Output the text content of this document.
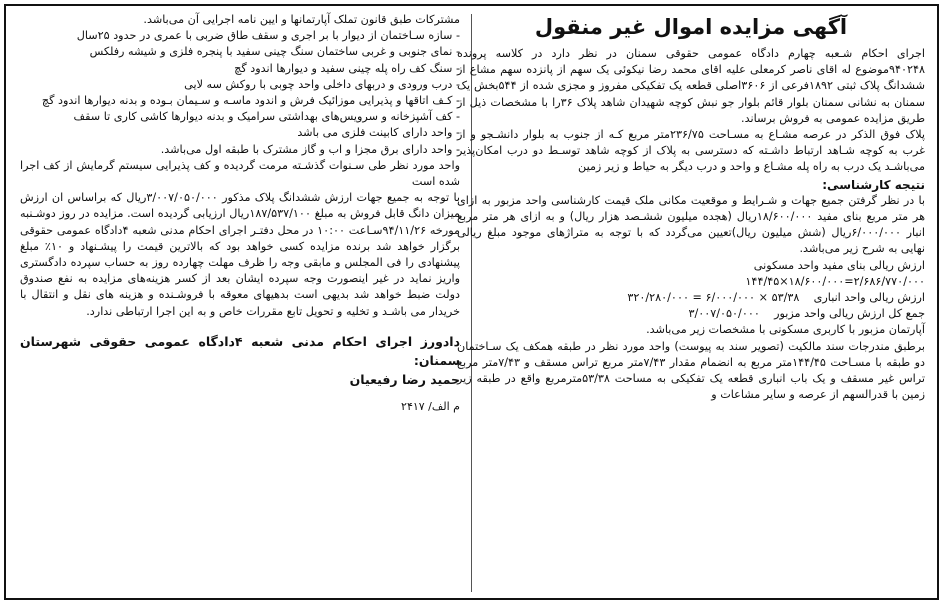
آگهی مزایده اموال غیر منقول

اجرای احکام شـعبه چهارم دادگاه عمومی حقوقی سمنان در نظر دارد در کلاسه پرونده ۹۴۰۲۴۸موضوع له اقای ناصر کرمعلی علیه اقای محمد رضا نیکوئی یک سهم از پانزده سهم مشاع از ششدانگ پلاک ثبتی ۱۸۹۲فرعی از ۳۶۰۶اصلی قطعه یک تفکیکی مفروز و مجزی شده از ۵۴۴بخش یک سمنان به نشانی سمنان بلوار قائم بلوار جو نبش کوچه شهیدان شاهد پلاک ۳۶را با مشخصات ذیل از طریق مزایده عمومی به فروش برساند.

پلاک فوق الذکر در عرصه مشـاع به مسـاحت ۲۳۶/۷۵متر مربع کـه از جنوب به بلوار دانشـجو و از غرب به کوچه شـاهد ارتباط داشـته که دسترسی به پلاک از کوچه شاهد توسـط دو درب امکان‌پذیر می‌باشـد یک درب به راه پله مشـاع و واحد و درب دیگر به حیاط و زیر زمین

نتیجه کارشناسی:

با در نظر گرفتن جمیع جهات و شـرایط و موقعیت مکانی ملک قیمت کارشناسی واحد مزبور به ازای هر متر مربع بنای مفید ۱۸/۶۰۰/۰۰۰ریال (هجده میلیون ششـصد هزار ریال) و به ازای هر متر مربع انبار ۶/۰۰۰/۰۰۰ریال (شش میلیون ریال)تعیین می‌گردد که با توجه به متراژهای موجود مبلغ ریالی نهایی به شرح زیر می‌باشد.

ارزش ریالی بنای مفید واحد مسکونی

۱۴۴/۴۵×۱۸/۶۰۰/۰۰۰=۲/۶۸۶/۷۷۰/۰۰۰

ارزش ریالی واحد انباری    ۵۳/۳۸ × ۶/۰۰۰/۰۰۰ = ۳۲۰/۲۸۰/۰۰۰

جمع کل ارزش ریالی واحد مزبور    ۳/۰۰۷/۰۵۰/۰۰۰

آپارتمان مزبور با کاربری مسکونی با مشخصات زیر می‌باشد.

برطبق مندرجات سند مالکیت (تصویر سند به پیوست) واحد مورد نظر در طبقه همکف یک سـاختمان دو طبقه با مسـاحت ۱۴۴/۴۵متر مربع به انضمام مقدار ۷/۴۳متر مربع تراس مسقف و ۷/۴۳متر مربع تراس غیر مسقف و یک باب انباری قطعه یک تفکیکی به مساحت ۵۳/۳۸مترمربع واقع در طبقه زیر زمین با قدرالسهم از عرصه و سایر مشاعات و

مشترکات طبق قانون تملک آپارتمانها و ایین نامه اجرایی آن می‌باشد.

- سازه سـاختمان از دیوار با بر اجری و سقف طاق ضربی با عمری در حدود ۲۵سال

- نمای جنوبی و غربی ساختمان سنگ چینی سفید با پنجره فلزی و شیشه رفلکس

- سنگ کف راه پله چینی سفید و دیوارها اندود گچ

- درب ورودی و دربهای داخلی واحد چوبی با روکش سه لایی

- کـف اتاقها و پذیرایی موزائیک فرش و اندود ماسـه و سـیمان بـوده و بدنه دیوارها اندود گچ

- کف آشپزخانه و سرویس‌های بهداشتی سرامیک و بدنه دیوارها کاشی کاری تا سقف

- واحد دارای کابینت فلزی می باشد

- واحد دارای برق مجزا و اب و گاز مشترک با طبقه اول می‌باشد.

واحد مورد نظر طی سـنوات گذشـته مرمت گردیده و کف پذیرایی سیستم گرمایش از کف اجرا شده است

با توجه به جمیع جهات ارزش ششدانگ پلاک مذکور ۳/۰۰۷/۰۵۰/۰۰۰ریال که براساس ان ارزش میزان دانگ قابل فروش به مبلغ ۱۸۷/۵۳۷/۱۰۰ریال ارزیابی گردیده است. مزایده در روز دوشـنبه مورخه ۹۴/۱۱/۲۶سـاعت ۱۰:۰۰ در محل دفتـر اجرای احکام مدنی شعبه ۴دادگاه عمومی حقوقی برگزار خواهد شد برنده مزایده کسی خواهد بود که بالاترین قیمت را پیشـنهاد و ۱۰٪ مبلغ پیشنهادی را فی المجلس و مابقی وجه را ظرف مهلت چهارده روز به حساب سپرده دادگستری واریز نماید در غیر اینصورت وجه سپرده ایشان بعد از کسر هزینه‌های مزایده به نفع صندوق دولت ضبط خواهد شد بدیهی است بدهیهای معوقه با فروشـنده و هزینه های نقل و انتقال با خریدار می باشـد و تخلیه و تحویل تابع مقررات خاص و به این اجرا ارتباطی ندارد.

دادورز اجرای احکام مدنی شعبه ۴دادگاه عمومی حقوقی شهرستان سمنان:
حمید رضا رفیعیان
م الف/ ۲۴۱۷
